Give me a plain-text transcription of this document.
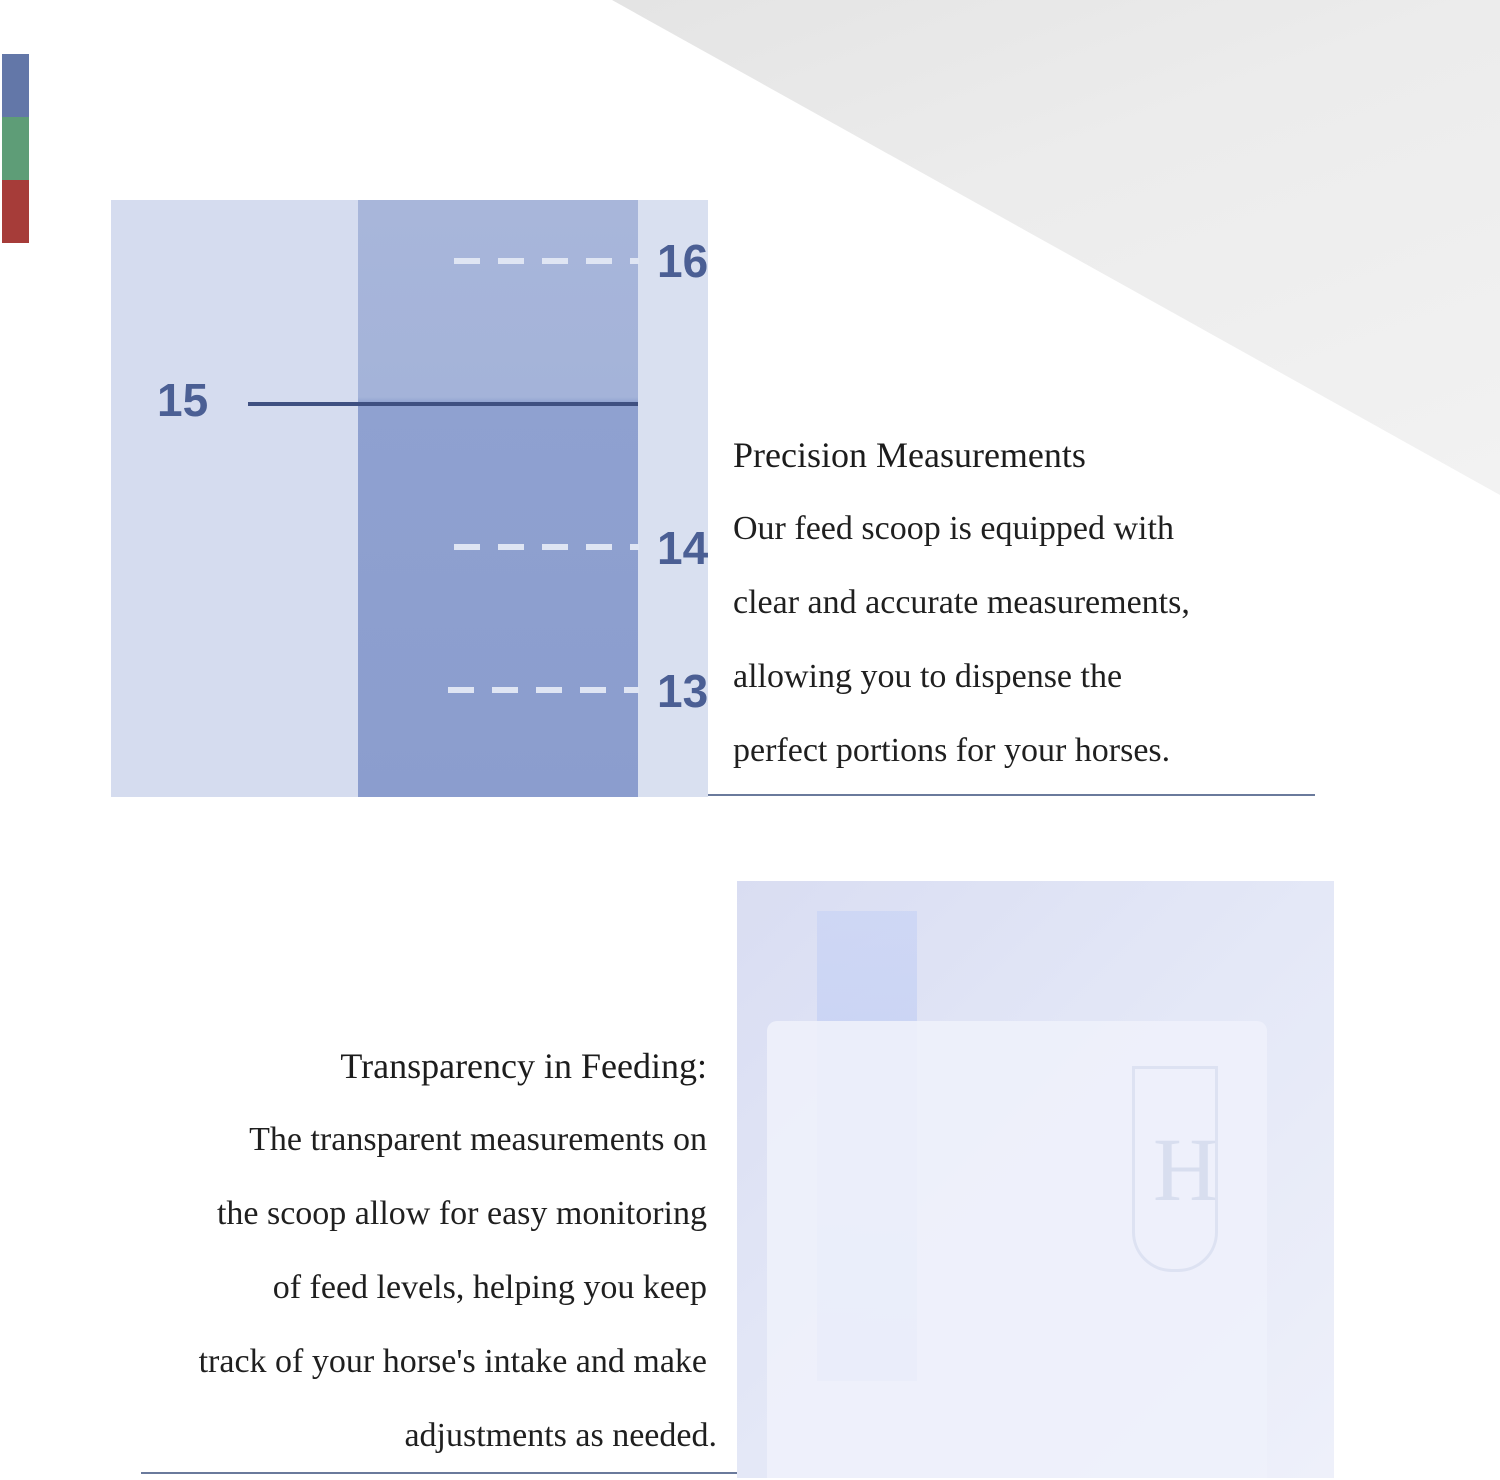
16
15
14
13
Precision Measurements
Our feed scoop is equipped with
clear and accurate measurements,
allowing you to dispense the
perfect portions for your horses.
Transparency in Feeding:
The transparent measurements on
the scoop allow for easy monitoring
of feed levels, helping you keep
track of your horse's intake and make
adjustments as needed.
H
